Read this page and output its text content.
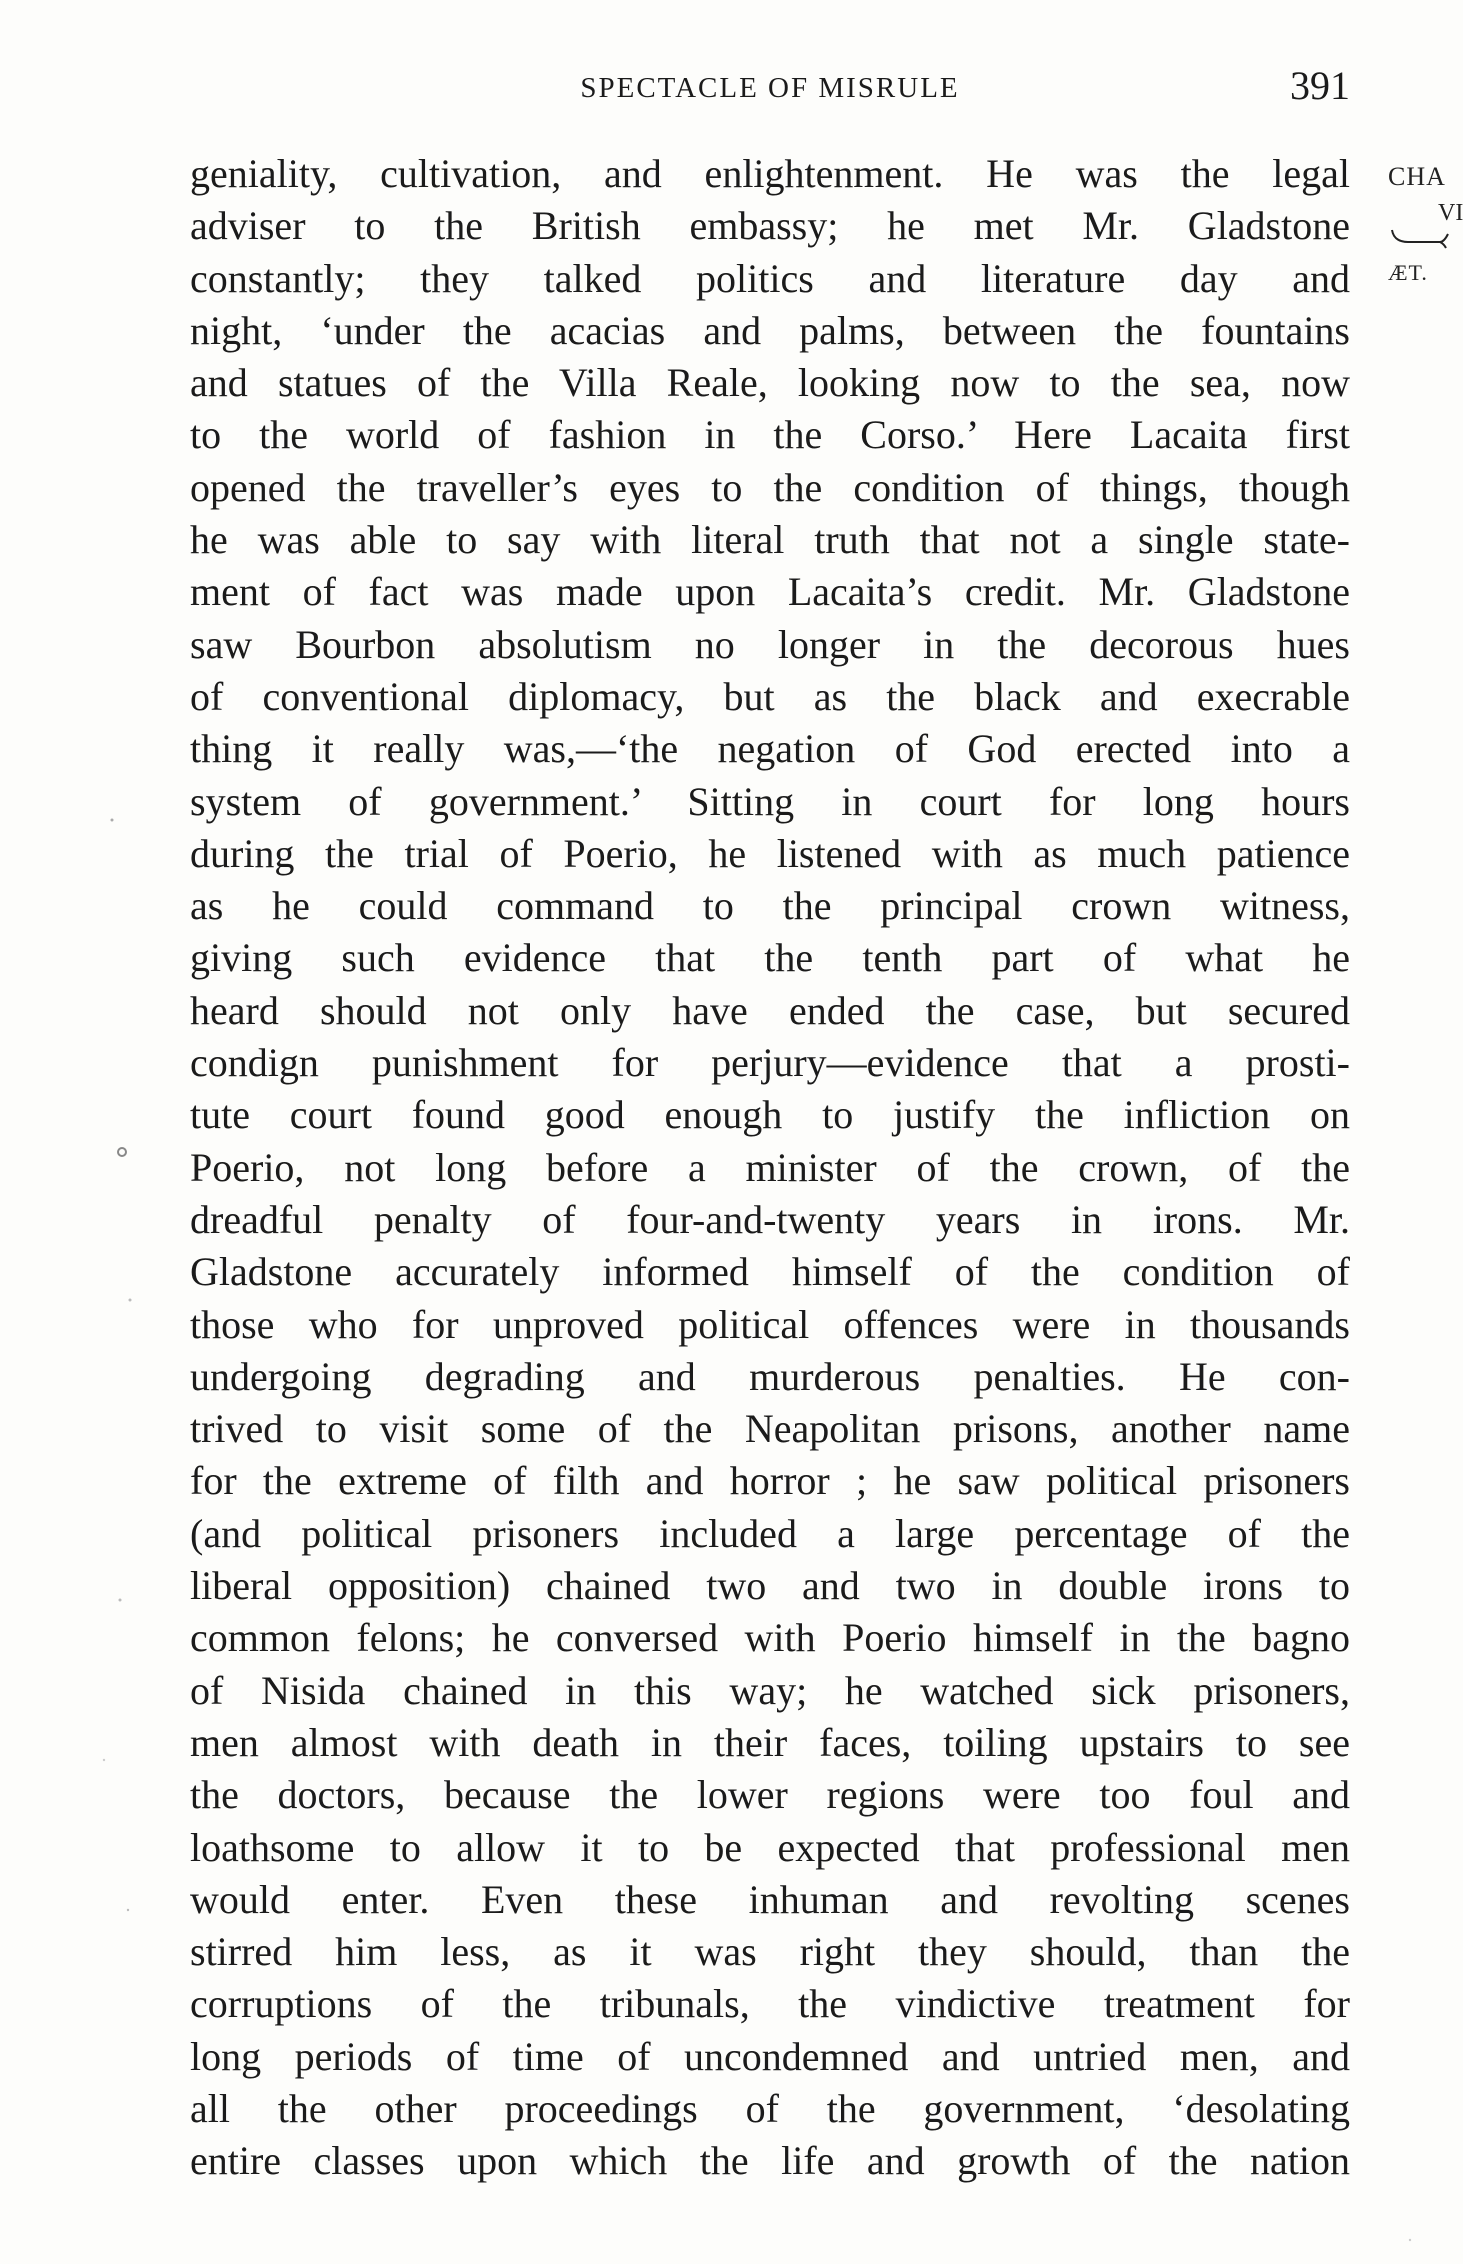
SPECTACLE OF MISRULE	391
CHA
VI
ÆT.
geniality, cultivation, and enlightenment. He was the legal
adviser to the British embassy; he met Mr. Gladstone
constantly; they talked politics and literature day and
night, ‘under the acacias and palms, between the fountains
and statues of the Villa Reale, looking now to the sea, now
to the world of fashion in the Corso.’ Here Lacaita first
opened the traveller’s eyes to the condition of things, though
he was able to say with literal truth that not a single state-
ment of fact was made upon Lacaita’s credit. Mr. Gladstone
saw Bourbon absolutism no longer in the decorous hues
of conventional diplomacy, but as the black and execrable
thing it really was,—‘the negation of God erected into a
system of government.’ Sitting in court for long hours
during the trial of Poerio, he listened with as much patience
as he could command to the principal crown witness,
giving such evidence that the tenth part of what he
heard should not only have ended the case, but secured
condign punishment for perjury—evidence that a prosti-
tute court found good enough to justify the infliction on
Poerio, not long before a minister of the crown, of the
dreadful penalty of four-and-twenty years in irons. Mr.
Gladstone accurately informed himself of the condition of
those who for unproved political offences were in thousands
undergoing degrading and murderous penalties. He con-
trived to visit some of the Neapolitan prisons, another name
for the extreme of filth and horror ; he saw political prisoners
(and political prisoners included a large percentage of the
liberal opposition) chained two and two in double irons to
common felons; he conversed with Poerio himself in the bagno
of Nisida chained in this way; he watched sick prisoners,
men almost with death in their faces, toiling upstairs to see
the doctors, because the lower regions were too foul and
loathsome to allow it to be expected that professional men
would enter. Even these inhuman and revolting scenes
stirred him less, as it was right they should, than the
corruptions of the tribunals, the vindictive treatment for
long periods of time of uncondemned and untried men, and
all the other proceedings of the government, ‘desolating
entire classes upon which the life and growth of the nation
